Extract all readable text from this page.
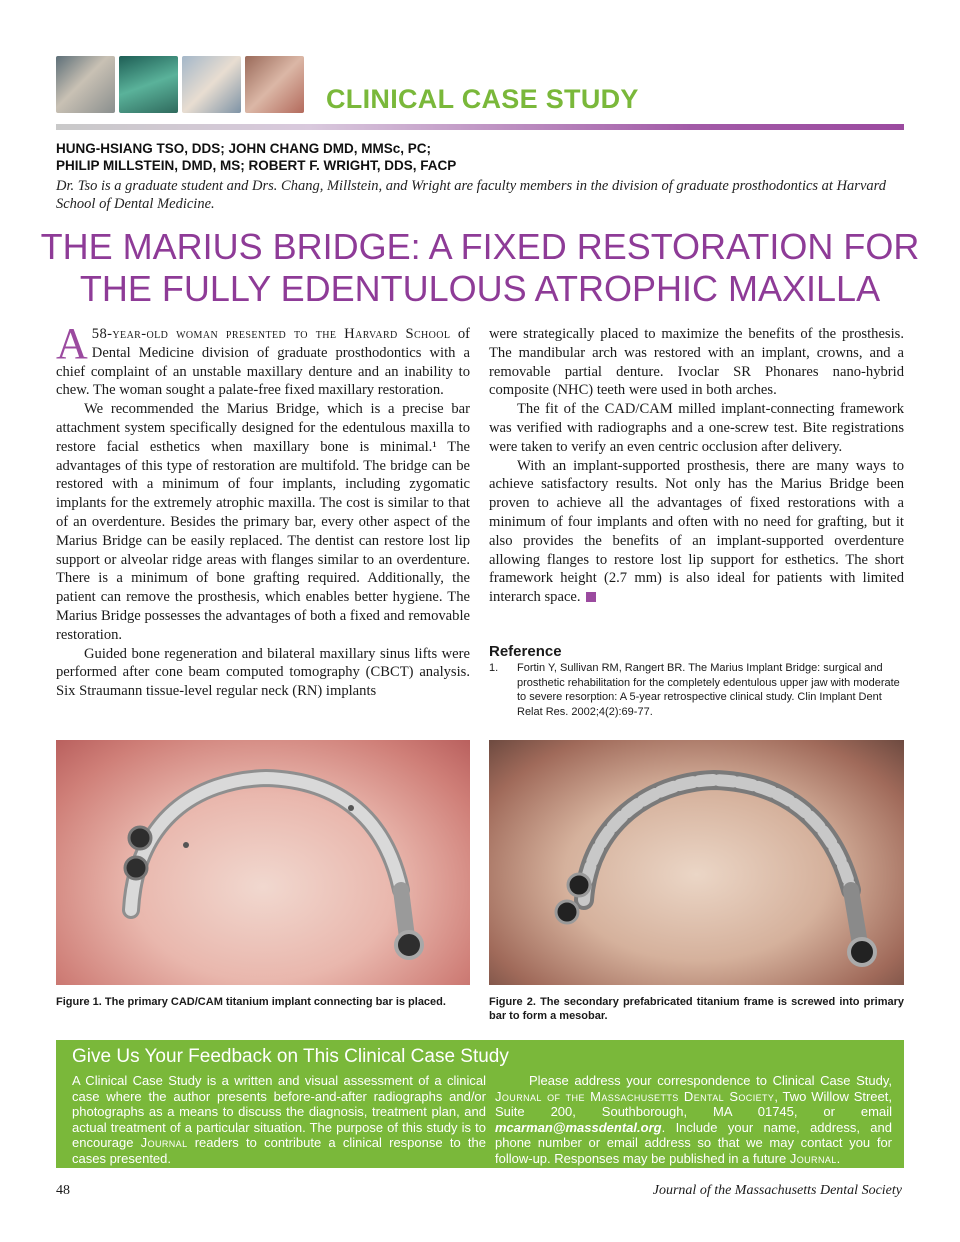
CLINICAL CASE STUDY
HUNG-HSIANG TSO, DDS; JOHN CHANG DMD, MMSc, PC;
PHILIP MILLSTEIN, DMD, MS; ROBERT F. WRIGHT, DDS, FACP
Dr. Tso is a graduate student and Drs. Chang, Millstein, and Wright are faculty members in the division of graduate prosthodontics at Harvard School of Dental Medicine.
THE MARIUS BRIDGE: A FIXED RESTORATION FOR
THE FULLY EDENTULOUS ATROPHIC MAXILLA

A 58-year-old woman presented to the Harvard School of Dental Medicine division of graduate prosthodontics with a chief complaint of an unstable maxillary denture and an inability to chew. The woman sought a palate-free fixed maxillary restoration.

We recommended the Marius Bridge, which is a precise bar attachment system specifically designed for the edentulous maxilla to restore facial esthetics when maxillary bone is minimal.¹ The advantages of this type of restoration are multifold. The bridge can be restored with a minimum of four implants, including zygomatic implants for the extremely atrophic maxilla. The cost is similar to that of an overdenture. Besides the primary bar, every other aspect of the Marius Bridge can be easily replaced. The dentist can restore lost lip support or alveolar ridge areas with flanges similar to an overdenture. There is a minimum of bone grafting required. Additionally, the patient can remove the prosthesis, which enables better hygiene. The Marius Bridge possesses the advantages of both a fixed and removable restoration.

Guided bone regeneration and bilateral maxillary sinus lifts were performed after cone beam computed tomography (CBCT) analysis. Six Straumann tissue-level regular neck (RN) implants

were strategically placed to maximize the benefits of the prosthesis. The mandibular arch was restored with an implant, crowns, and a removable partial denture. Ivoclar SR Phonares nano-hybrid composite (NHC) teeth were used in both arches.

The fit of the CAD/CAM milled implant-connecting framework was verified with radiographs and a one-screw test. Bite registrations were taken to verify an even centric occlusion after delivery.

With an implant-supported prosthesis, there are many ways to achieve satisfactory results. Not only has the Marius Bridge been proven to achieve all the advantages of fixed restorations with a minimum of four implants and often with no need for grafting, but it also provides the benefits of an implant-supported overdenture allowing flanges to restore lost lip support for esthetics. The short framework height (2.7 mm) is also ideal for patients with limited interarch space.

Reference
1.	Fortin Y, Sullivan RM, Rangert BR. The Marius Implant Bridge: surgical and prosthetic rehabilitation for the completely edentulous upper jaw with moderate to severe resorption: A 5-year retrospective clinical study. Clin Implant Dent Relat Res. 2002;4(2):69-77.
Figure 1. The primary CAD/CAM titanium implant connecting bar is placed.	Figure 2. The secondary prefabricated titanium frame is screwed into primary bar to form a mesobar.
Give Us Your Feedback on This Clinical Case Study
A Clinical Case Study is a written and visual assessment of a clinical case where the author presents before-and-after radiographs and/or photographs as a means to discuss the diagnosis, treatment plan, and actual treatment of a particular situation. The purpose of this study is to encourage Journal readers to contribute a clinical response to the cases presented.
Please address your correspondence to Clinical Case Study, Journal of the Massachusetts Dental Society, Two Willow Street, Suite 200, Southborough, MA 01745, or email mcarman@massdental.org. Include your name, address, and phone number or email address so that we may contact you for follow-up. Responses may be published in a future Journal.
48	Journal of the Massachusetts Dental Society
